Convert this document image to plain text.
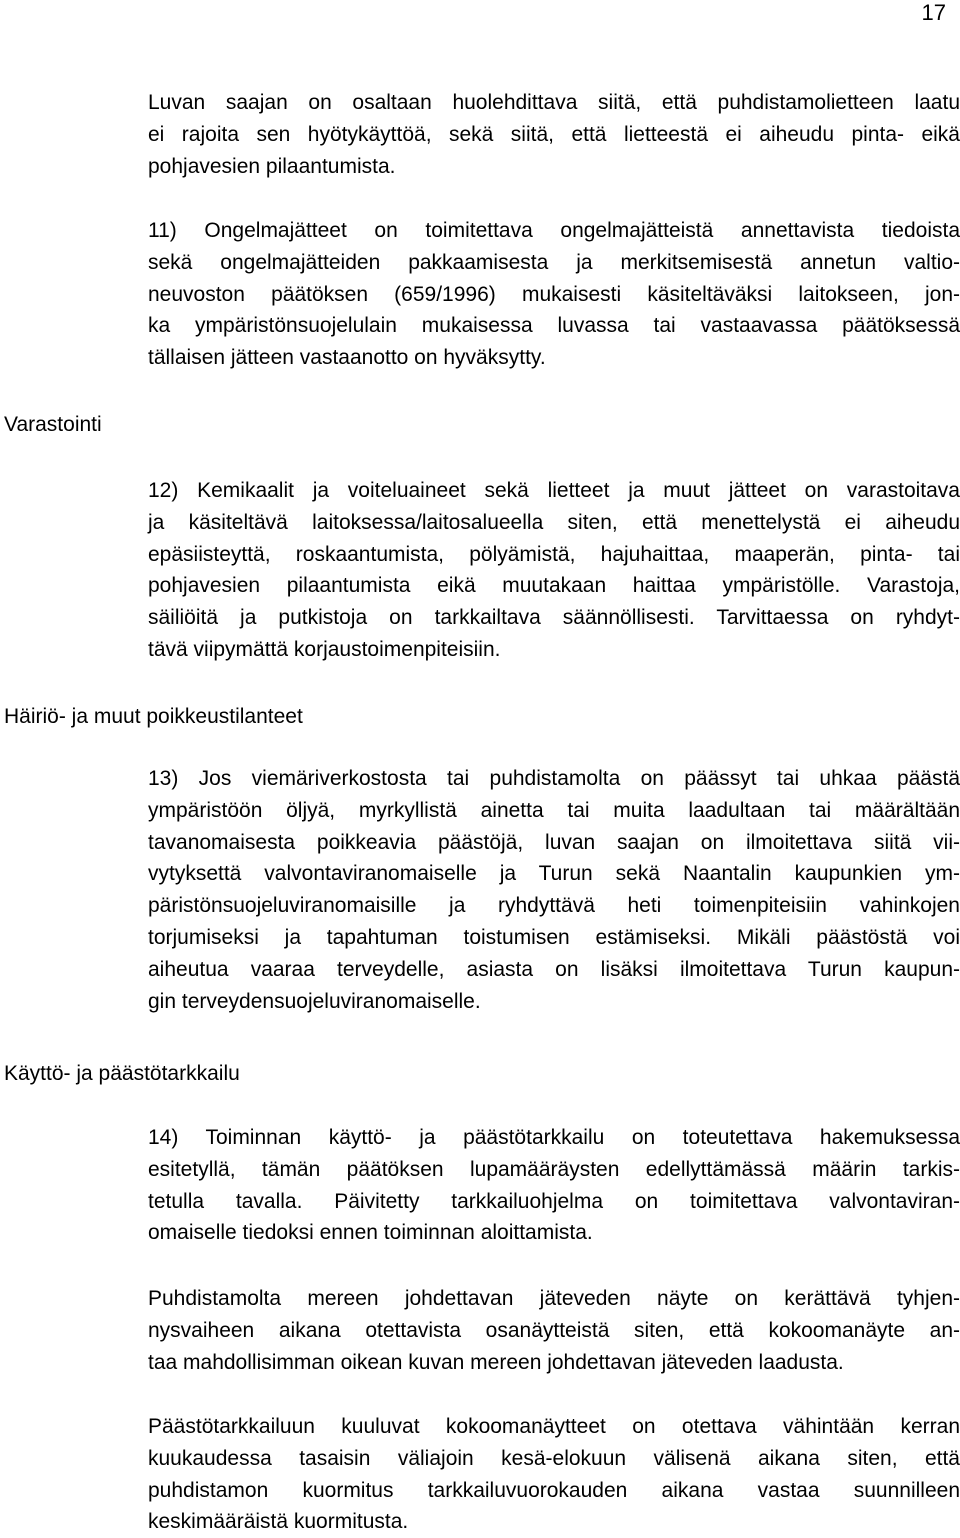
17
Varastointi
Häiriö- ja muut poikkeustilanteet
Käyttö- ja päästötarkkailu
Luvan saajan on osaltaan huolehdittava siitä, että puhdistamolietteen laatu
ei rajoita sen hyötykäyttöä, sekä siitä, että lietteestä ei aiheudu pinta- eikä
pohjavesien pilaantumista.
11) Ongelmajätteet on toimitettava ongelmajätteistä annettavista tiedoista
sekä ongelmajätteiden pakkaamisesta ja merkitsemisestä annetun valtio-
neuvoston päätöksen (659/1996) mukaisesti käsiteltäväksi laitokseen, jon-
ka ympäristönsuojelulain mukaisessa luvassa tai vastaavassa päätöksessä
tällaisen jätteen vastaanotto on hyväksytty.
12) Kemikaalit ja voiteluaineet sekä lietteet ja muut jätteet on varastoitava
ja käsiteltävä laitoksessa/laitosalueella siten, että menettelystä ei aiheudu
epäsiisteyttä, roskaantumista, pölyämistä, hajuhaittaa, maaperän, pinta- tai
pohjavesien pilaantumista eikä muutakaan haittaa ympäristölle. Varastoja,
säiliöitä ja putkistoja on tarkkailtava säännöllisesti. Tarvittaessa on ryhdyt-
tävä viipymättä korjaustoimenpiteisiin.
13) Jos viemäriverkostosta tai puhdistamolta on päässyt tai uhkaa päästä
ympäristöön öljyä, myrkyllistä ainetta tai muita laadultaan tai määrältään
tavanomaisesta poikkeavia päästöjä, luvan saajan on ilmoitettava siitä vii-
vytyksettä valvontaviranomaiselle ja Turun sekä Naantalin kaupunkien ym-
päristönsuojeluviranomaisille ja ryhdyttävä heti toimenpiteisiin vahinkojen
torjumiseksi ja tapahtuman toistumisen estämiseksi. Mikäli päästöstä voi
aiheutua vaaraa terveydelle, asiasta on lisäksi ilmoitettava Turun kaupun-
gin terveydensuojeluviranomaiselle.
14) Toiminnan käyttö- ja päästötarkkailu on toteutettava hakemuksessa
esitetyllä, tämän päätöksen lupamääräysten edellyttämässä määrin tarkis-
tetulla tavalla. Päivitetty tarkkailuohjelma on toimitettava valvontaviran-
omaiselle tiedoksi ennen toiminnan aloittamista.
Puhdistamolta mereen johdettavan jäteveden näyte on kerättävä tyhjen-
nysvaiheen aikana otettavista osanäytteistä siten, että kokoomanäyte an-
taa mahdollisimman oikean kuvan mereen johdettavan jäteveden laadusta.
Päästötarkkailuun kuuluvat kokoomanäytteet on otettava vähintään kerran
kuukaudessa tasaisin väliajoin kesä-elokuun välisenä aikana siten, että
puhdistamon kuormitus tarkkailuvuorokauden aikana vastaa suunnilleen
keskimääräistä kuormitusta.
